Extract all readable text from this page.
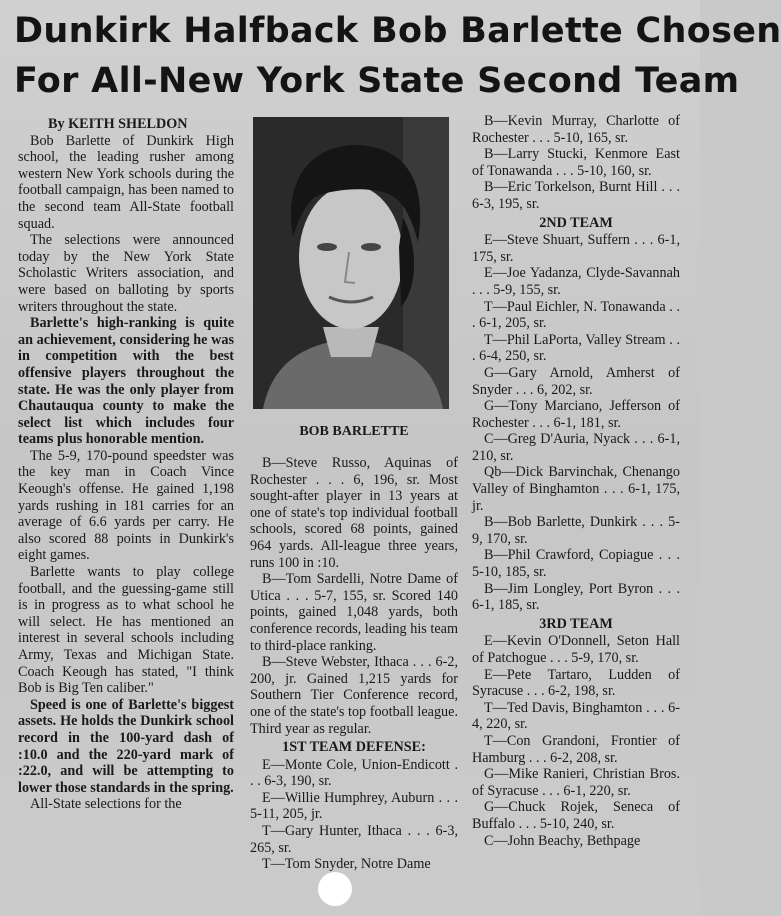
Dunkirk Halfback Bob Barlette Chosen
For All-New York State Second Team

By KEITH SHELDON

Bob Barlette of Dunkirk High school, the leading rusher among western New York schools during the football campaign, has been named to the second team All-State football squad.

The selections were announced today by the New York State Scholastic Writers association, and were based on balloting by sports writers throughout the state.

Barlette's high-ranking is quite an achievement, considering he was in competition with the best offensive players throughout the state. He was the only player from Chautauqua county to make the select list which includes four teams plus honorable mention.

The 5-9, 170-pound speedster was the key man in Coach Vince Keough's offense. He gained 1,198 yards rushing in 181 carries for an average of 6.6 yards per carry. He also scored 88 points in Dunkirk's eight games.

Barlette wants to play college football, and the guessing-game still is in progress as to what school he will select. He has mentioned an interest in several schools including Army, Texas and Michigan State. Coach Keough has stated, "I think Bob is Big Ten caliber."

Speed is one of Barlette's biggest assets. He holds the Dunkirk school record in the 100-yard dash of :10.0 and the 220-yard mark of :22.0, and will be attempting to lower those standards in the spring.

All-State selections for the

BOB BARLETTE

B—Steve Russo, Aquinas of Rochester . . . 6, 196, sr. Most sought-after player in 13 years at one of state's top individual football schools, scored 68 points, gained 964 yards. All-league three years, runs 100 in :10.

B—Tom Sardelli, Notre Dame of Utica . . . 5-7, 155, sr. Scored 140 points, gained 1,048 yards, both conference records, leading his team to third-place ranking.

B—Steve Webster, Ithaca . . . 6-2, 200, jr. Gained 1,215 yards for Southern Tier Conference record, one of the state's top football league. Third year as regular.

1ST TEAM DEFENSE:

E—Monte Cole, Union-Endicott . . . 6-3, 190, sr.

E—Willie Humphrey, Auburn . . . 5-11, 205, jr.

T—Gary Hunter, Ithaca . . . 6-3, 265, sr.

T—Tom Snyder, Notre Dame

B—Kevin Murray, Charlotte of Rochester . . . 5-10, 165, sr.

B—Larry Stucki, Kenmore East of Tonawanda . . . 5-10, 160, sr.

B—Eric Torkelson, Burnt Hill . . . 6-3, 195, sr.

2ND TEAM

E—Steve Shuart, Suffern . . . 6-1, 175, sr.

E—Joe Yadanza, Clyde-Savannah . . . 5-9, 155, sr.

T—Paul Eichler, N. Tonawanda . . . 6-1, 205, sr.

T—Phil LaPorta, Valley Stream . . . 6-4, 250, sr.

G—Gary Arnold, Amherst of Snyder . . . 6, 202, sr.

G—Tony Marciano, Jefferson of Rochester . . . 6-1, 181, sr.

C—Greg D'Auria, Nyack . . . 6-1, 210, sr.

Qb—Dick Barvinchak, Chenango Valley of Binghamton . . . 6-1, 175, jr.

B—Bob Barlette, Dunkirk . . . 5-9, 170, sr.

B—Phil Crawford, Copiague . . . 5-10, 185, sr.

B—Jim Longley, Port Byron . . . 6-1, 185, sr.

3RD TEAM

E—Kevin O'Donnell, Seton Hall of Patchogue . . . 5-9, 170, sr.

E—Pete Tartaro, Ludden of Syracuse . . . 6-2, 198, sr.

T—Ted Davis, Binghamton . . . 6-4, 220, sr.

T—Con Grandoni, Frontier of Hamburg . . . 6-2, 208, sr.

G—Mike Ranieri, Christian Bros. of Syracuse . . . 6-1, 220, sr.

G—Chuck Rojek, Seneca of Buffalo . . . 5-10, 240, sr.

C—John Beachy, Bethpage
